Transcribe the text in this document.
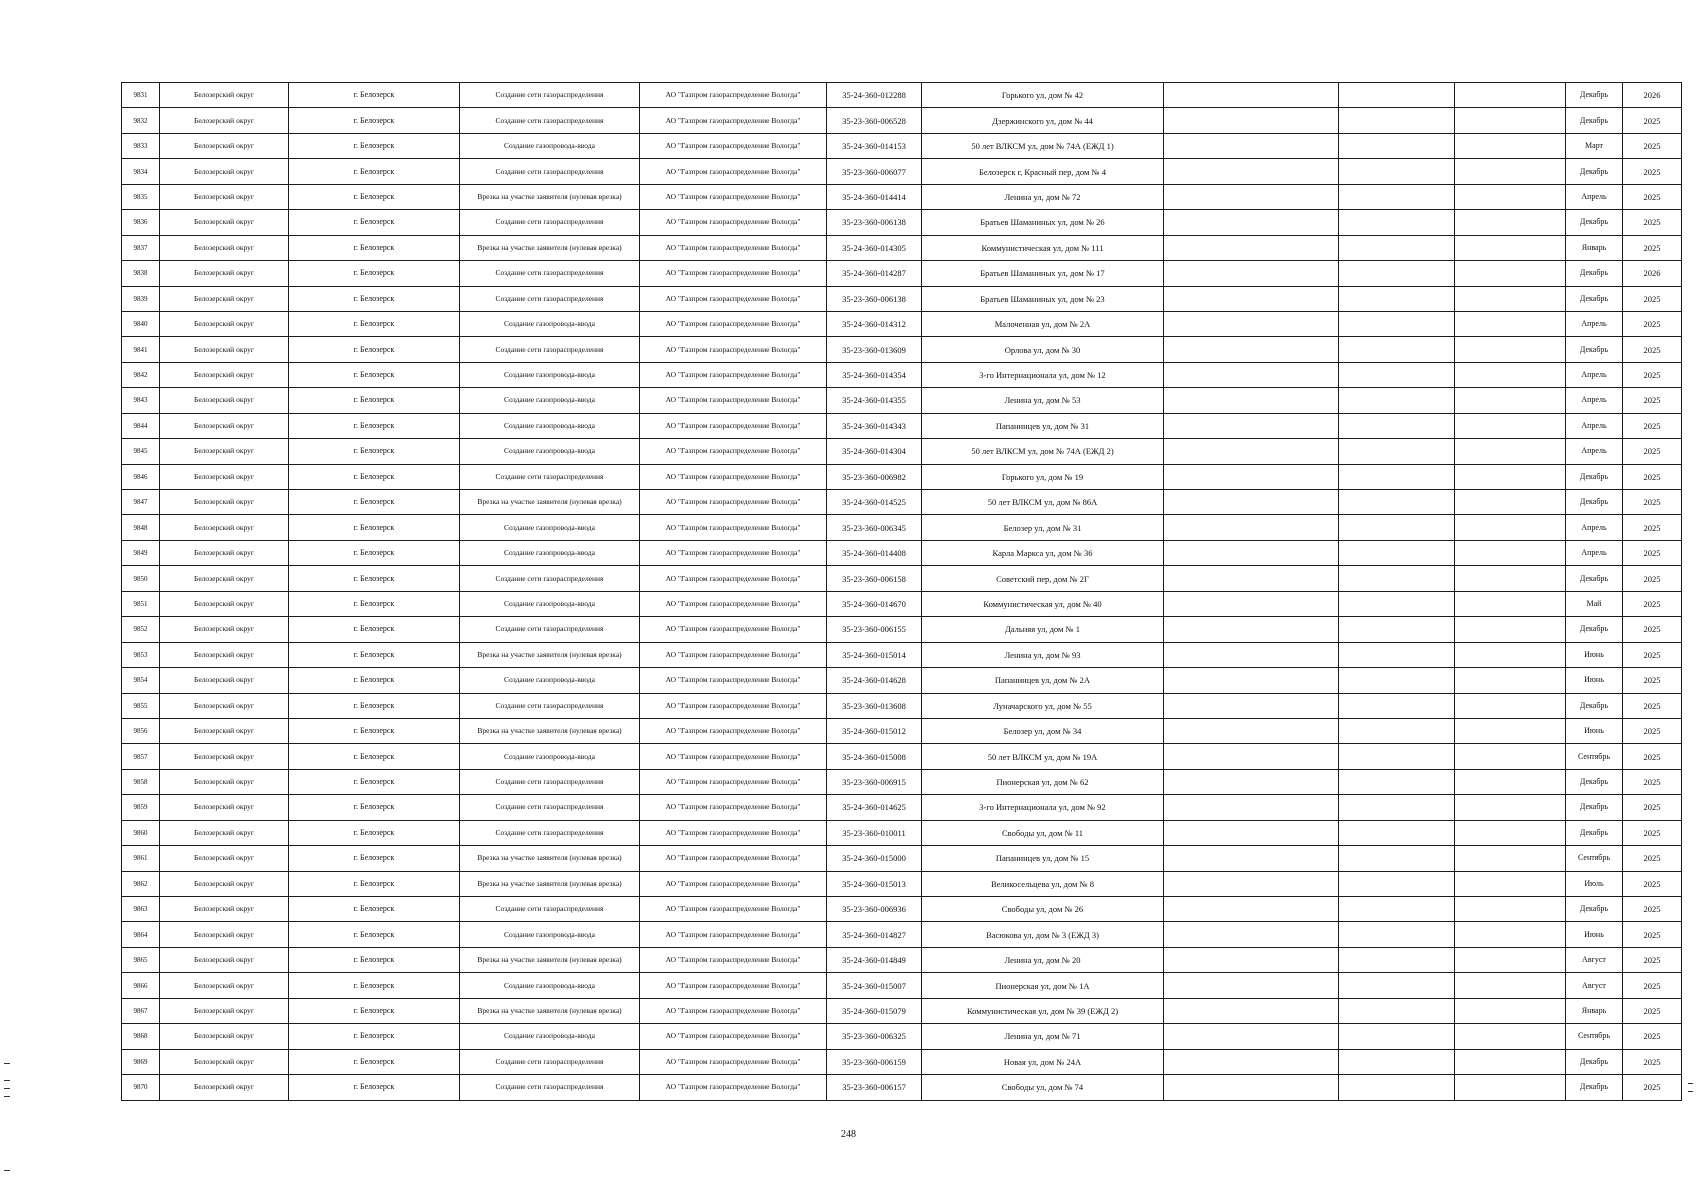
9831	Белозерский округ	г. Белозерск	Создание сети газораспределения	АО "Газпром газораспределение Вологда"	35-24-360-012288	Горького ул, дом № 42				Декабрь	2026
9832	Белозерский округ	г. Белозерск	Создание сети газораспределения	АО "Газпром газораспределение Вологда"	35-23-360-006528	Дзержинского ул, дом № 44				Декабрь	2025
9833	Белозерский округ	г. Белозерск	Создание газопровода-ввода	АО "Газпром газораспределение Вологда"	35-24-360-014153	50 лет ВЛКСМ ул, дом № 74А (ЕЖД 1)				Март	2025
9834	Белозерский округ	г. Белозерск	Создание сети газораспределения	АО "Газпром газораспределение Вологда"	35-23-360-006077	Белозерск г, Красный пер, дом № 4				Декабрь	2025
9835	Белозерский округ	г. Белозерск	Врезка на участке заявителя (нулевая врезка)	АО "Газпром газораспределение Вологда"	35-24-360-014414	Ленина ул, дом № 72				Апрель	2025
9836	Белозерский округ	г. Белозерск	Создание сети газораспределения	АО "Газпром газораспределение Вологда"	35-23-360-006138	Братьев Шаманиных ул, дом № 26				Декабрь	2025
9837	Белозерский округ	г. Белозерск	Врезка на участке заявителя (нулевая врезка)	АО "Газпром газораспределение Вологда"	35-24-360-014305	Коммунистическая ул, дом № 111				Январь	2025
9838	Белозерский округ	г. Белозерск	Создание сети газораспределения	АО "Газпром газораспределение Вологда"	35-24-360-014287	Братьев Шаманиных ул, дом № 17				Декабрь	2026
9839	Белозерский округ	г. Белозерск	Создание сети газораспределения	АО "Газпром газораспределение Вологда"	35-23-360-006138	Братьев Шаманиных ул, дом № 23				Декабрь	2025
9840	Белозерский округ	г. Белозерск	Создание газопровода-ввода	АО "Газпром газораспределение Вологда"	35-24-360-014312	Малоченная ул, дом № 2А				Апрель	2025
9841	Белозерский округ	г. Белозерск	Создание сети газораспределения	АО "Газпром газораспределение Вологда"	35-23-360-013609	Орлова ул, дом № 30				Декабрь	2025
9842	Белозерский округ	г. Белозерск	Создание газопровода-ввода	АО "Газпром газораспределение Вологда"	35-24-360-014354	3-го Интернационала ул, дом № 12				Апрель	2025
9843	Белозерский округ	г. Белозерск	Создание газопровода-ввода	АО "Газпром газораспределение Вологда"	35-24-360-014355	Ленина ул, дом № 53				Апрель	2025
9844	Белозерский округ	г. Белозерск	Создание газопровода-ввода	АО "Газпром газораспределение Вологда"	35-24-360-014343	Папанинцев ул, дом № 31				Апрель	2025
9845	Белозерский округ	г. Белозерск	Создание газопровода-ввода	АО "Газпром газораспределение Вологда"	35-24-360-014304	50 лет ВЛКСМ ул, дом № 74А (ЕЖД 2)				Апрель	2025
9846	Белозерский округ	г. Белозерск	Создание сети газораспределения	АО "Газпром газораспределение Вологда"	35-23-360-006982	Горького ул, дом № 19				Декабрь	2025
9847	Белозерский округ	г. Белозерск	Врезка на участке заявителя (нулевая врезка)	АО "Газпром газораспределение Вологда"	35-24-360-014525	50 лет ВЛКСМ ул, дом № 86А				Декабрь	2025
9848	Белозерский округ	г. Белозерск	Создание газопровода-ввода	АО "Газпром газораспределение Вологда"	35-23-360-006345	Белозер ул, дом № 31				Апрель	2025
9849	Белозерский округ	г. Белозерск	Создание газопровода-ввода	АО "Газпром газораспределение Вологда"	35-24-360-014408	Карла Маркса ул, дом № 36				Апрель	2025
9850	Белозерский округ	г. Белозерск	Создание сети газораспределения	АО "Газпром газораспределение Вологда"	35-23-360-006158	Советский пер, дом № 2Г				Декабрь	2025
9851	Белозерский округ	г. Белозерск	Создание газопровода-ввода	АО "Газпром газораспределение Вологда"	35-24-360-014670	Коммунистическая ул, дом № 40				Май	2025
9852	Белозерский округ	г. Белозерск	Создание сети газораспределения	АО "Газпром газораспределение Вологда"	35-23-360-006155	Дальняя ул, дом № 1				Декабрь	2025
9853	Белозерский округ	г. Белозерск	Врезка на участке заявителя (нулевая врезка)	АО "Газпром газораспределение Вологда"	35-24-360-015014	Ленина ул, дом № 93				Июнь	2025
9854	Белозерский округ	г. Белозерск	Создание газопровода-ввода	АО "Газпром газораспределение Вологда"	35-24-360-014628	Папанинцев ул, дом № 2А				Июнь	2025
9855	Белозерский округ	г. Белозерск	Создание сети газораспределения	АО "Газпром газораспределение Вологда"	35-23-360-013608	Луначарского ул, дом № 55				Декабрь	2025
9856	Белозерский округ	г. Белозерск	Врезка на участке заявителя (нулевая врезка)	АО "Газпром газораспределение Вологда"	35-24-360-015012	Белозер ул, дом № 34				Июнь	2025
9857	Белозерский округ	г. Белозерск	Создание газопровода-ввода	АО "Газпром газораспределение Вологда"	35-24-360-015008	50 лет ВЛКСМ ул, дом № 19А				Сентябрь	2025
9858	Белозерский округ	г. Белозерск	Создание сети газораспределения	АО "Газпром газораспределение Вологда"	35-23-360-006915	Пионерская ул, дом № 62				Декабрь	2025
9859	Белозерский округ	г. Белозерск	Создание сети газораспределения	АО "Газпром газораспределение Вологда"	35-24-360-014625	3-го Интернационала ул, дом № 92				Декабрь	2025
9860	Белозерский округ	г. Белозерск	Создание сети газораспределения	АО "Газпром газораспределение Вологда"	35-23-360-010011	Свободы ул, дом № 11				Декабрь	2025
9861	Белозерский округ	г. Белозерск	Врезка на участке заявителя (нулевая врезка)	АО "Газпром газораспределение Вологда"	35-24-360-015000	Папанинцев ул, дом № 15				Сентябрь	2025
9862	Белозерский округ	г. Белозерск	Врезка на участке заявителя (нулевая врезка)	АО "Газпром газораспределение Вологда"	35-24-360-015013	Великосельцева ул, дом № 8				Июль	2025
9863	Белозерский округ	г. Белозерск	Создание сети газораспределения	АО "Газпром газораспределение Вологда"	35-23-360-006936	Свободы ул, дом № 26				Декабрь	2025
9864	Белозерский округ	г. Белозерск	Создание газопровода-ввода	АО "Газпром газораспределение Вологда"	35-24-360-014827	Васюкова ул, дом № 3 (ЕЖД 3)				Июнь	2025
9865	Белозерский округ	г. Белозерск	Врезка на участке заявителя (нулевая врезка)	АО "Газпром газораспределение Вологда"	35-24-360-014849	Ленина ул, дом № 20				Август	2025
9866	Белозерский округ	г. Белозерск	Создание газопровода-ввода	АО "Газпром газораспределение Вологда"	35-24-360-015007	Пионерская ул, дом № 1А				Август	2025
9867	Белозерский округ	г. Белозерск	Врезка на участке заявителя (нулевая врезка)	АО "Газпром газораспределение Вологда"	35-24-360-015079	Коммунистическая ул, дом № 39 (ЕЖД 2)				Январь	2025
9868	Белозерский округ	г. Белозерск	Создание газопровода-ввода	АО "Газпром газораспределение Вологда"	35-23-360-006325	Ленина ул, дом № 71				Сентябрь	2025
9869	Белозерский округ	г. Белозерск	Создание сети газораспределения	АО "Газпром газораспределение Вологда"	35-23-360-006159	Новая ул, дом № 24А				Декабрь	2025
9870	Белозерский округ	г. Белозерск	Создание сети газораспределения	АО "Газпром газораспределение Вологда"	35-23-360-006157	Свободы ул, дом № 74				Декабрь	2025
248
